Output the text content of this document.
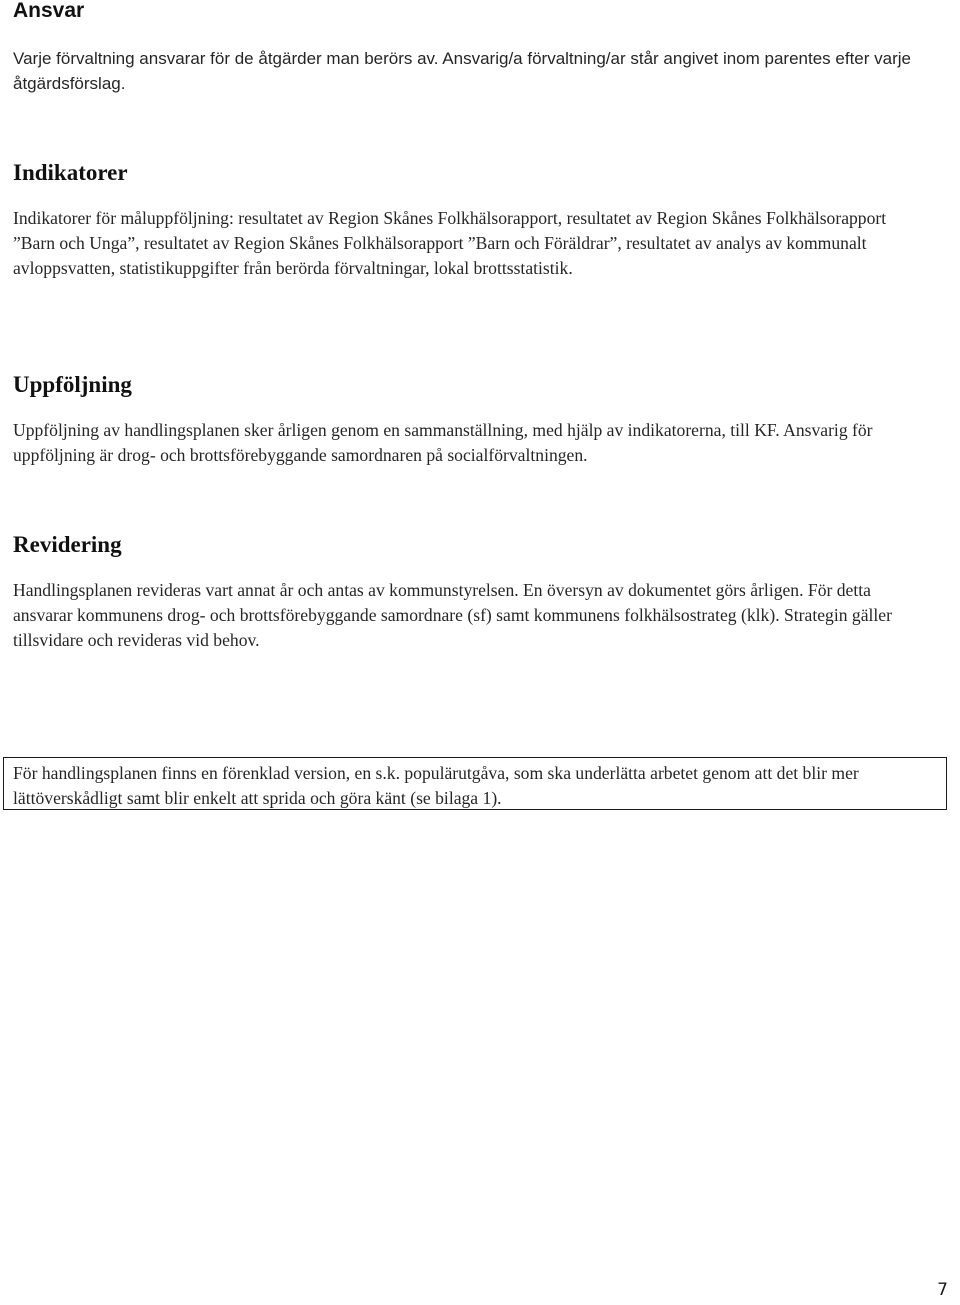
Ansvar

Varje förvaltning ansvarar för de åtgärder man berörs av. Ansvarig/a förvaltning/ar står angivet inom parentes efter varje åtgärdsförslag.

Indikatorer

Indikatorer för måluppföljning: resultatet av Region Skånes Folkhälsorapport, resultatet av Region Skånes Folkhälsorapport ”Barn och Unga”, resultatet av Region Skånes Folkhälsorapport ”Barn och Föräldrar”, resultatet av analys av kommunalt avloppsvatten, statistikuppgifter från berörda förvaltningar, lokal brottsstatistik.

Uppföljning

Uppföljning av handlingsplanen sker årligen genom en sammanställning, med hjälp av indikatorerna, till KF. Ansvarig för uppföljning är drog- och brottsförebyggande samordnaren på socialförvaltningen.

Revidering

Handlingsplanen revideras vart annat år och antas av kommunstyrelsen. En översyn av dokumentet görs årligen. För detta ansvarar kommunens drog- och brottsförebyggande samordnare (sf) samt kommunens folkhälsostrateg (klk). Strategin gäller tillsvidare och revideras vid behov.

För handlingsplanen finns en förenklad version, en s.k. populärutgåva, som ska underlätta arbetet genom att det blir mer lättöverskådligt samt blir enkelt att sprida och göra känt (se bilaga 1).

7
